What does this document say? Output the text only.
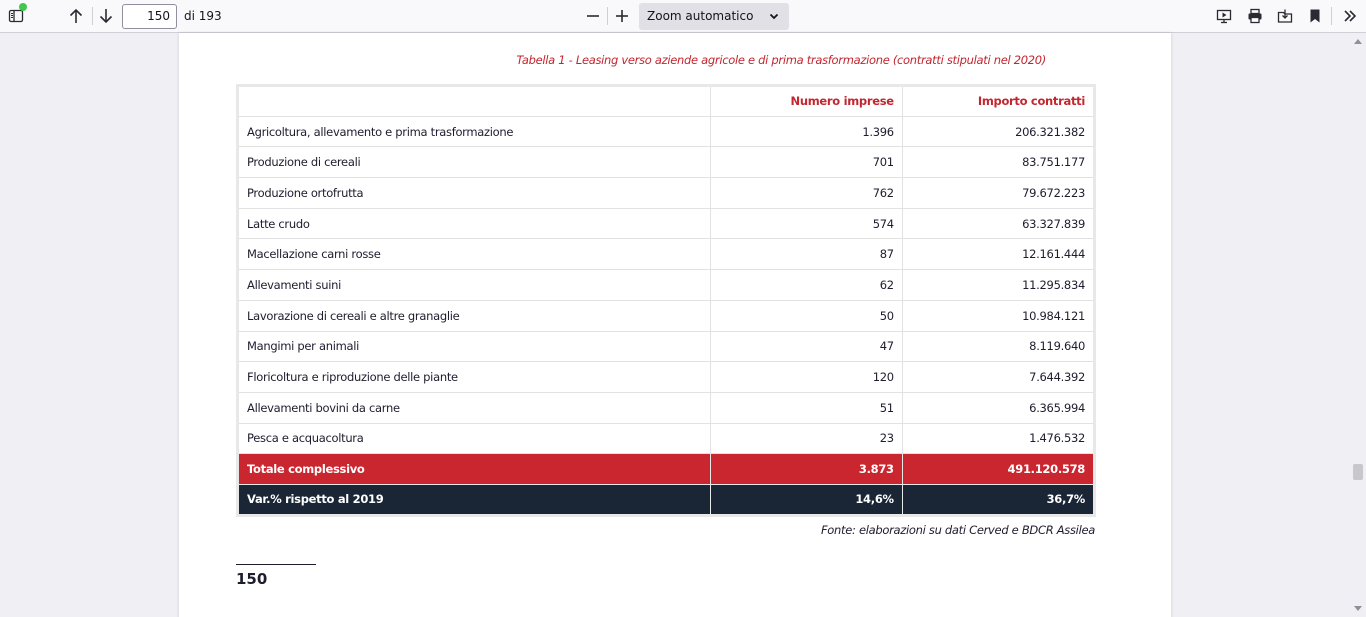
150	di 193	Zoom automatico
Tabella 1 - Leasing verso aziende agricole e di prima trasformazione (contratti stipulati nel 2020)
	Numero imprese	Importo contratti
Agricoltura, allevamento e prima trasformazione	1.396	206.321.382
Produzione di cereali	701	83.751.177
Produzione ortofrutta	762	79.672.223
Latte crudo	574	63.327.839
Macellazione carni rosse	87	12.161.444
Allevamenti suini	62	11.295.834
Lavorazione di cereali e altre granaglie	50	10.984.121
Mangimi per animali	47	8.119.640
Floricoltura e riproduzione delle piante	120	7.644.392
Allevamenti bovini da carne	51	6.365.994
Pesca e acquacoltura	23	1.476.532
Totale complessivo	3.873	491.120.578
Var.% rispetto al 2019	14,6%	36,7%
Fonte: elaborazioni su dati Cerved e BDCR Assilea
150
